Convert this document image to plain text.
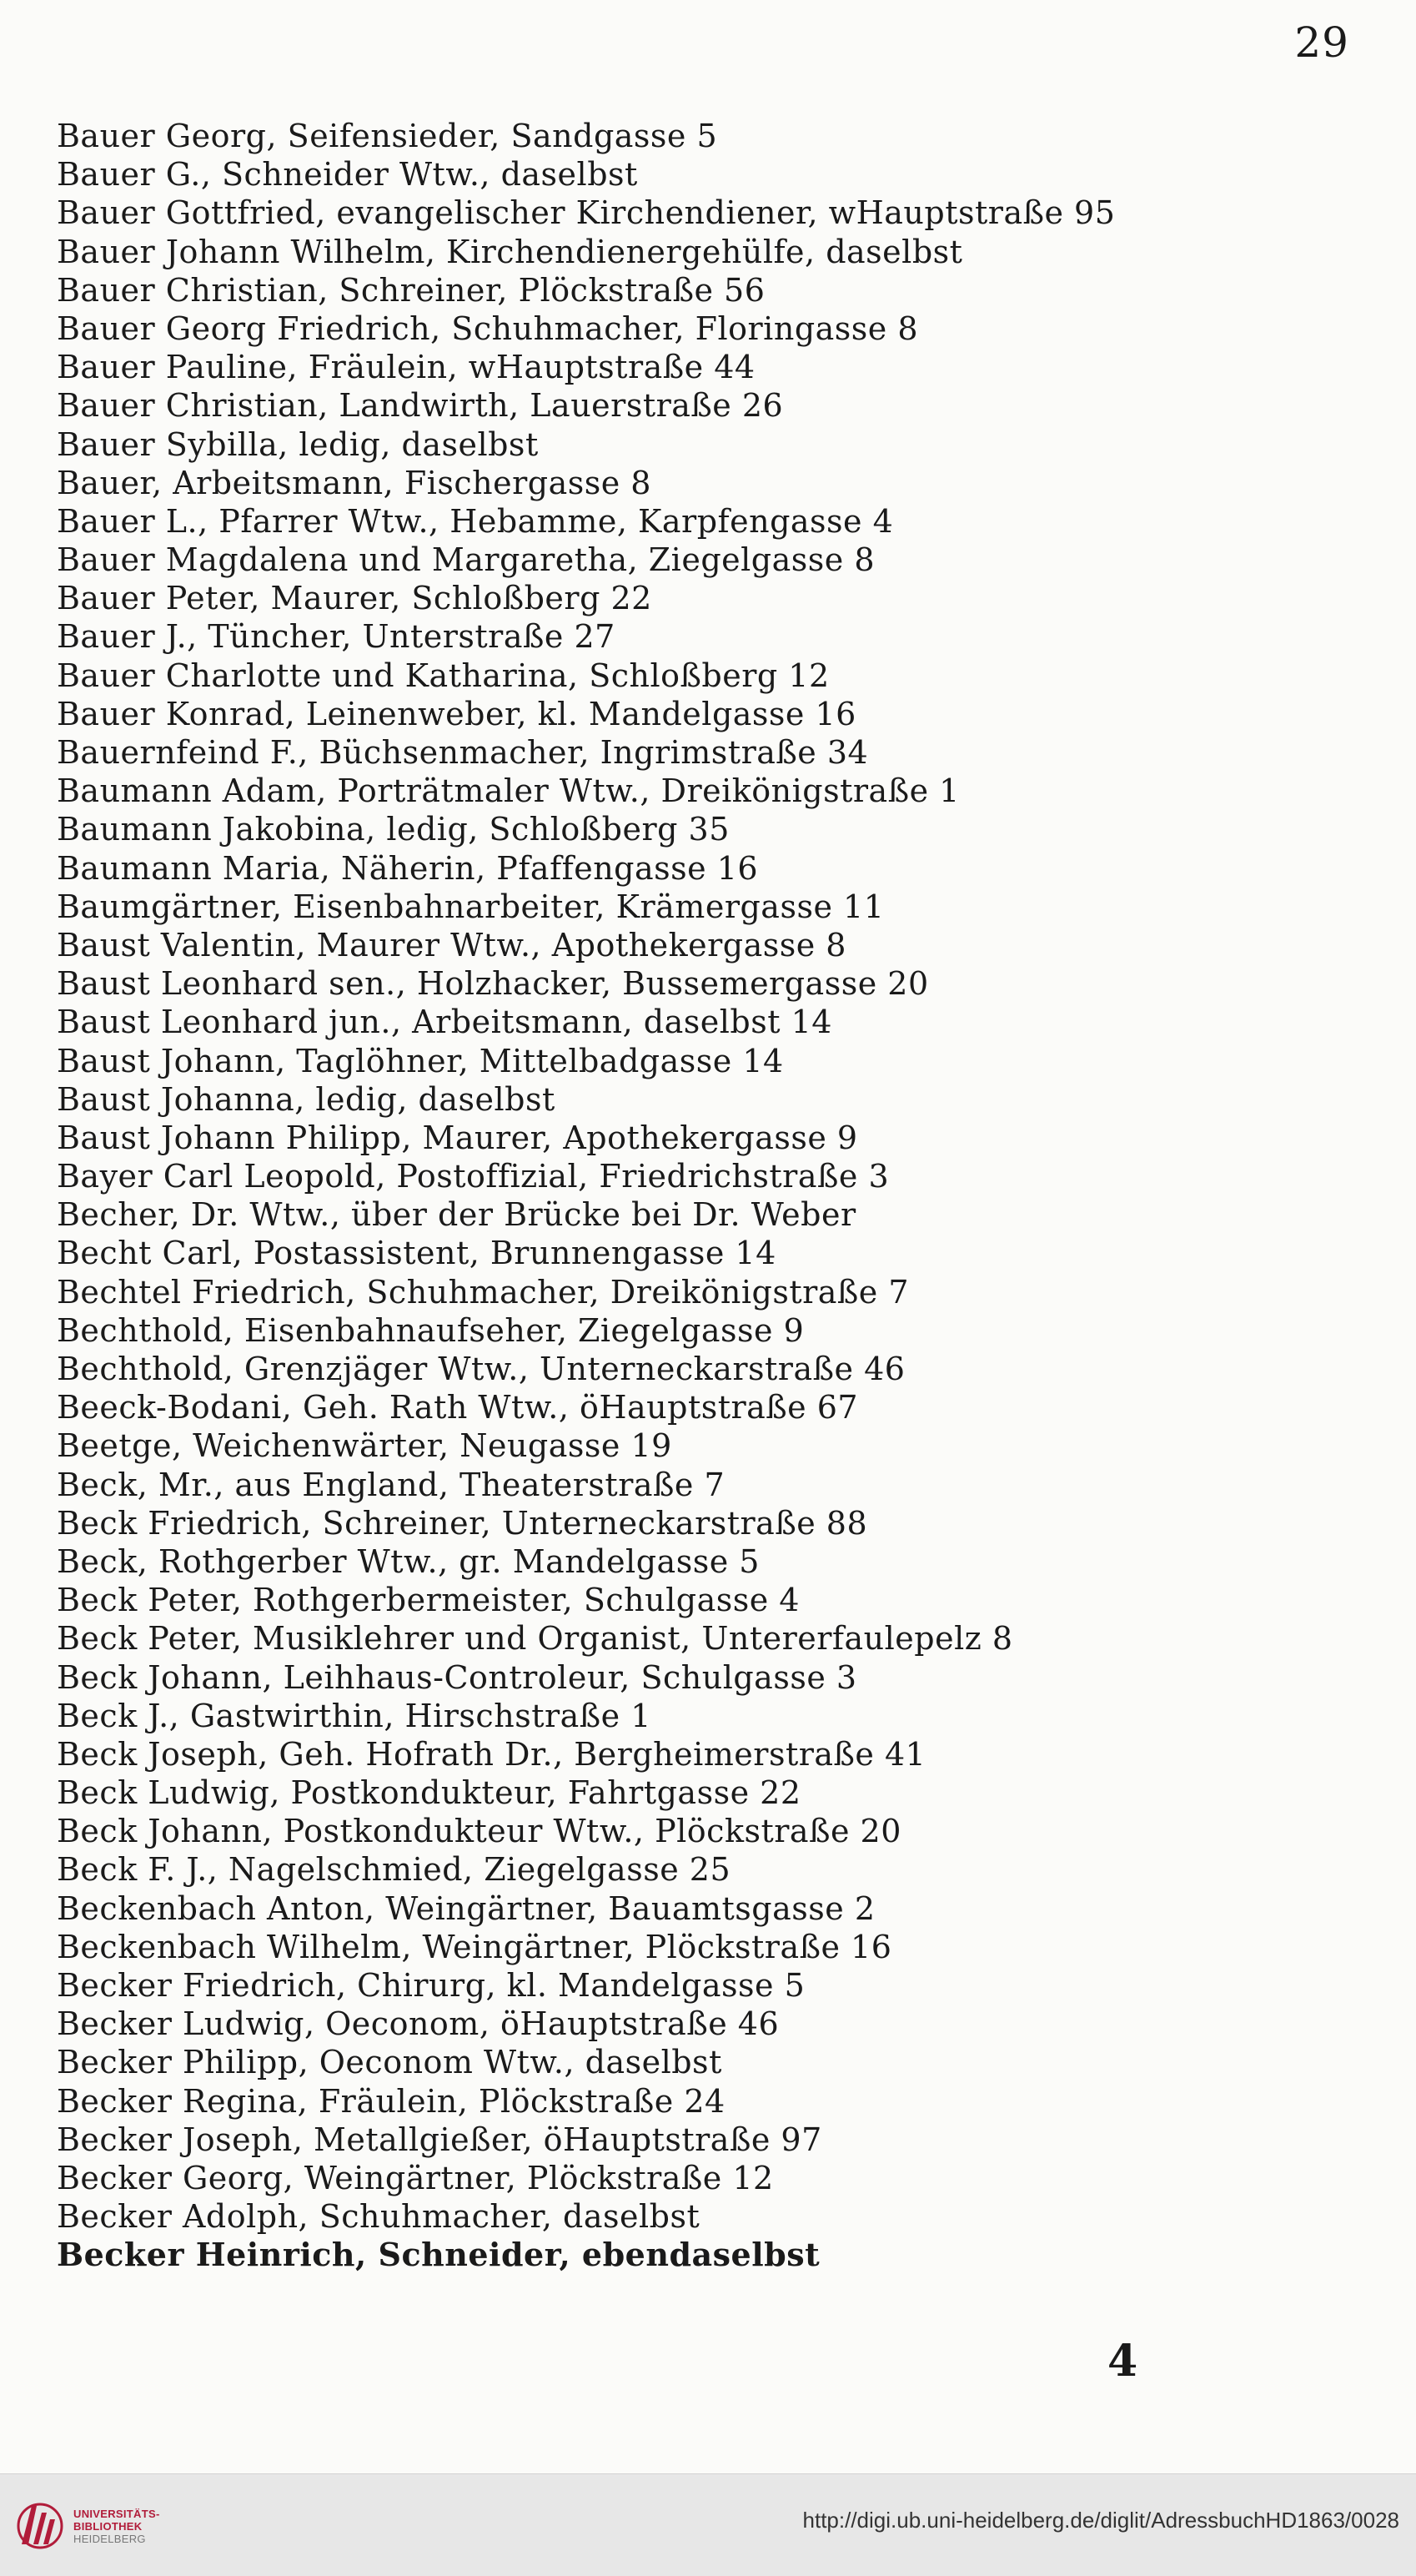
29
Bauer Georg, Seifensieder, Sandgasse 5
Bauer G., Schneider Wtw., daselbst
Bauer Gottfried, evangelischer Kirchendiener, wHauptstraße 95
Bauer Johann Wilhelm, Kirchendienergehülfe, daselbst
Bauer Christian, Schreiner, Plöckstraße 56
Bauer Georg Friedrich, Schuhmacher, Floringasse 8
Bauer Pauline, Fräulein, wHauptstraße 44
Bauer Christian, Landwirth, Lauerstraße 26
Bauer Sybilla, ledig, daselbst
Bauer, Arbeitsmann, Fischergasse 8
Bauer L., Pfarrer Wtw., Hebamme, Karpfengasse 4
Bauer Magdalena und Margaretha, Ziegelgasse 8
Bauer Peter, Maurer, Schloßberg 22
Bauer J., Tüncher, Unterstraße 27
Bauer Charlotte und Katharina, Schloßberg 12
Bauer Konrad, Leinenweber, kl. Mandelgasse 16
Bauernfeind F., Büchsenmacher, Ingrimstraße 34
Baumann Adam, Porträtmaler Wtw., Dreikönigstraße 1
Baumann Jakobina, ledig, Schloßberg 35
Baumann Maria, Näherin, Pfaffengasse 16
Baumgärtner, Eisenbahnarbeiter, Krämergasse 11
Baust Valentin, Maurer Wtw., Apothekergasse 8
Baust Leonhard sen., Holzhacker, Bussemergasse 20
Baust Leonhard jun., Arbeitsmann, daselbst 14
Baust Johann, Taglöhner, Mittelbadgasse 14
Baust Johanna, ledig, daselbst
Baust Johann Philipp, Maurer, Apothekergasse 9
Bayer Carl Leopold, Postoffizial, Friedrichstraße 3
Becher, Dr. Wtw., über der Brücke bei Dr. Weber
Becht Carl, Postassistent, Brunnengasse 14
Bechtel Friedrich, Schuhmacher, Dreikönigstraße 7
Bechthold, Eisenbahnaufseher, Ziegelgasse 9
Bechthold, Grenzjäger Wtw., Unterneckarstraße 46
Beeck-Bodani, Geh. Rath Wtw., öHauptstraße 67
Beetge, Weichenwärter, Neugasse 19
Beck, Mr., aus England, Theaterstraße 7
Beck Friedrich, Schreiner, Unterneckarstraße 88
Beck, Rothgerber Wtw., gr. Mandelgasse 5
Beck Peter, Rothgerbermeister, Schulgasse 4
Beck Peter, Musiklehrer und Organist, Untererfaulepelz 8
Beck Johann, Leihhaus-Controleur, Schulgasse 3
Beck J., Gastwirthin, Hirschstraße 1
Beck Joseph, Geh. Hofrath Dr., Bergheimerstraße 41
Beck Ludwig, Postkondukteur, Fahrtgasse 22
Beck Johann, Postkondukteur Wtw., Plöckstraße 20
Beck F. J., Nagelschmied, Ziegelgasse 25
Beckenbach Anton, Weingärtner, Bauamtsgasse 2
Beckenbach Wilhelm, Weingärtner, Plöckstraße 16
Becker Friedrich, Chirurg, kl. Mandelgasse 5
Becker Ludwig, Oeconom, öHauptstraße 46
Becker Philipp, Oeconom Wtw., daselbst
Becker Regina, Fräulein, Plöckstraße 24
Becker Joseph, Metallgießer, öHauptstraße 97
Becker Georg, Weingärtner, Plöckstraße 12
Becker Adolph, Schuhmacher, daselbst
Becker Heinrich, Schneider, ebendaselbst
4
UNIVERSITÄTS-
BIBLIOTHEK
HEIDELBERG
http://digi.ub.uni-heidelberg.de/diglit/AdressbuchHD1863/0028
